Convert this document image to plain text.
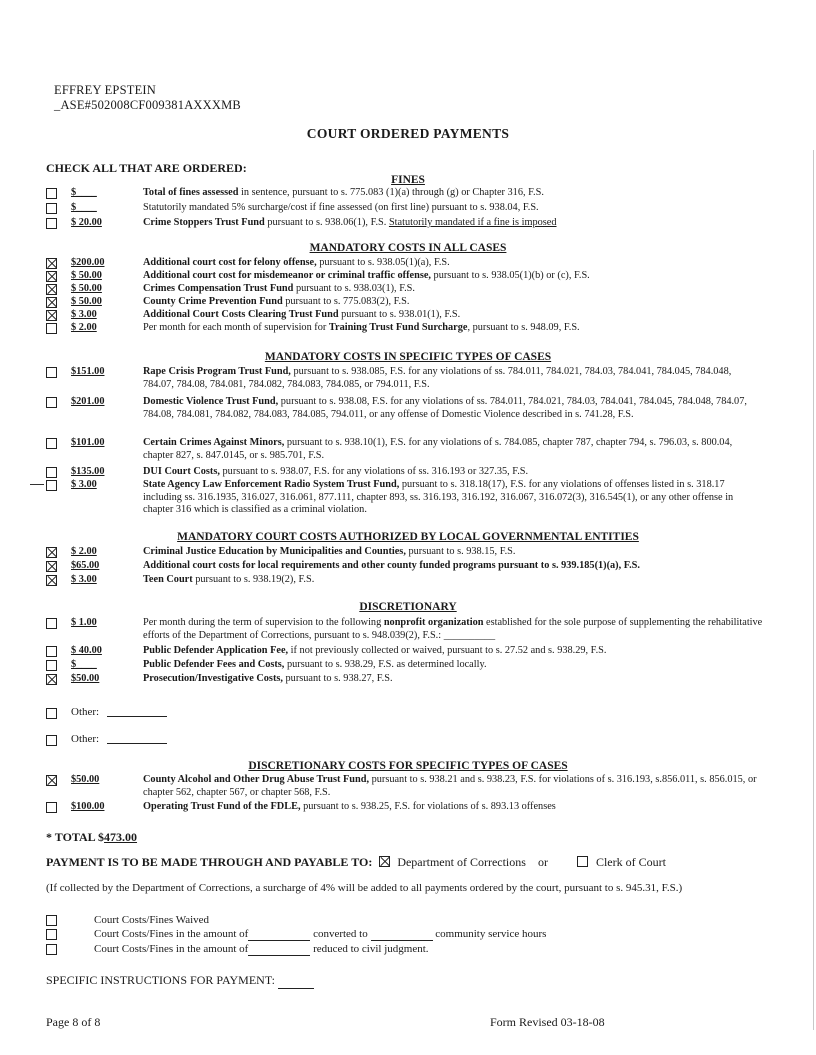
EFFREY EPSTEIN
_ASE#502008CF009381AXXXMB
COURT ORDERED PAYMENTS
CHECK ALL THAT ARE ORDERED:
FINES
$____	Total of fines assessed in sentence, pursuant to s. 775.083 (1)(a) through (g) or Chapter 316, F.S.
$____	Statutorily mandated 5% surcharge/cost if fine assessed (on first line) pursuant to s. 938.04, F.S.
$ 20.00	Crime Stoppers Trust Fund pursuant to s. 938.06(1), F.S. Statutorily mandated if a fine is imposed
MANDATORY COSTS IN ALL CASES
$200.00	Additional court cost for felony offense, pursuant to s. 938.05(1)(a), F.S.
$ 50.00	Additional court cost for misdemeanor or criminal traffic offense, pursuant to s. 938.05(1)(b) or (c), F.S.
$ 50.00	Crimes Compensation Trust Fund pursuant to s. 938.03(1), F.S.
$ 50.00	County Crime Prevention Fund pursuant to s. 775.083(2), F.S.
$ 3.00	Additional Court Costs Clearing Trust Fund pursuant to s. 938.01(1), F.S.
$ 2.00	Per month for each month of supervision for Training Trust Fund Surcharge, pursuant to s. 948.09, F.S.
MANDATORY COSTS IN SPECIFIC TYPES OF CASES
$151.00	Rape Crisis Program Trust Fund, pursuant to s. 938.085, F.S. for any violations of ss. 784.011, 784.021, 784.03, 784.041, 784.045, 784.048, 784.07, 784.08, 784.081, 784.082, 784.083, 784.085, or 794.011, F.S.
$201.00	Domestic Violence Trust Fund, pursuant to s. 938.08, F.S. for any violations of ss. 784.011, 784.021, 784.03, 784.041, 784.045, 784.048, 784.07, 784.08, 784.081, 784.082, 784.083, 784.085, 794.011, or any offense of Domestic Violence described in s. 741.28, F.S.
$101.00	Certain Crimes Against Minors, pursuant to s. 938.10(1), F.S. for any violations of s. 784.085, chapter 787, chapter 794, s. 796.03, s. 800.04, chapter 827, s. 847.0145, or s. 985.701, F.S.
$135.00	DUI Court Costs, pursuant to s. 938.07, F.S. for any violations of ss. 316.193 or 327.35, F.S.
$ 3.00	State Agency Law Enforcement Radio System Trust Fund, pursuant to s. 318.18(17), F.S. for any violations of offenses listed in s. 318.17 including ss. 316.1935, 316.027, 316.061, 877.111, chapter 893, ss. 316.193, 316.192, 316.067, 316.072(3), 316.545(1), or any other offense in chapter 316 which is classified as a criminal violation.
MANDATORY COURT COSTS AUTHORIZED BY LOCAL GOVERNMENTAL ENTITIES
$ 2.00	Criminal Justice Education by Municipalities and Counties, pursuant to s. 938.15, F.S.
$65.00	Additional court costs for local requirements and other county funded programs pursuant to s. 939.185(1)(a), F.S.
$ 3.00	Teen Court pursuant to s. 938.19(2), F.S.
DISCRETIONARY
$ 1.00	Per month during the term of supervision to the following nonprofit organization established for the sole purpose of supplementing the rehabilitative efforts of the Department of Corrections, pursuant to s. 948.039(2), F.S.: __________
$ 40.00	Public Defender Application Fee, if not previously collected or waived, pursuant to s. 27.52 and s. 938.29, F.S.
$____	Public Defender Fees and Costs, pursuant to s. 938.29, F.S. as determined locally.
$50.00	Prosecution/Investigative Costs, pursuant to s. 938.27, F.S.
Other:
Other:
DISCRETIONARY COSTS FOR SPECIFIC TYPES OF CASES
$50.00	County Alcohol and Other Drug Abuse Trust Fund, pursuant to s. 938.21 and s. 938.23, F.S. for violations of s. 316.193, s.856.011, s. 856.015, or chapter 562, chapter 567, or chapter 568, F.S.
$100.00	Operating Trust Fund of the FDLE, pursuant to s. 938.25, F.S. for violations of s. 893.13 offenses
* TOTAL $473.00
PAYMENT IS TO BE MADE THROUGH AND PAYABLE TO: Department of Corrections or	Clerk of Court
(If collected by the Department of Corrections, a surcharge of 4% will be added to all payments ordered by the court, pursuant to s. 945.31, F.S.)
Court Costs/Fines Waived
Court Costs/Fines in the amount of	converted to	community service hours
Court Costs/Fines in the amount of	reduced to civil judgment.
SPECIFIC INSTRUCTIONS FOR PAYMENT:
Page 8 of 8	Form Revised 03-18-08
